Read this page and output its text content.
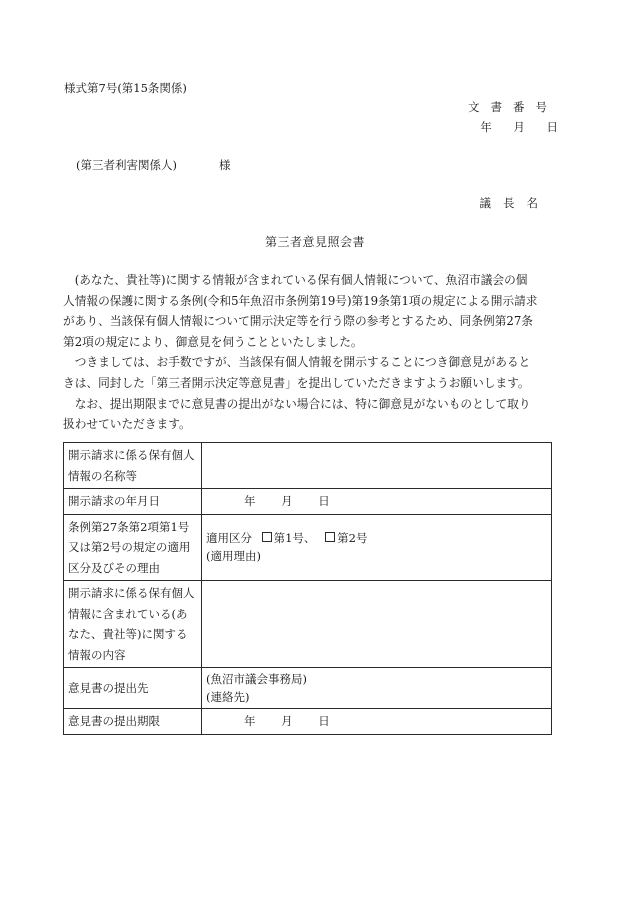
様式第7号(第15条関係)
文書番号
年 月 日
(第三者利害関係人)	様
議長名
第三者意見照会書

(あなた、貴社等)に関する情報が含まれている保有個人情報について、魚沼市議会の個
人情報の保護に関する条例(令和5年魚沼市条例第19号)第19条第1項の規定による開示請求
があり、当該保有個人情報について開示決定等を行う際の参考とするため、同条例第27条
第2項の規定により、御意見を伺うことといたしました。

つきましては、お手数ですが、当該保有個人情報を開示することにつき御意見があると
きは、同封した「第三者開示決定等意見書」を提出していただきますようお願いします。

なお、提出期限までに意見書の提出がない場合には、特に御意見がないものとして取り
扱わせていただきます。

開示請求に係る保有個人情報の名称等	
開示請求の年月日	年 月 日
条例第27条第2項第1号又は第2号の規定の適用区分及びその理由	適用区分 第1号、 第2号
(適用理由)

開示請求に係る保有個人情報に含まれている(あなた、貴社等)に関する情報の内容	
意見書の提出先	(魚沼市議会事務局)
(連絡先)

意見書の提出期限	年 月 日
